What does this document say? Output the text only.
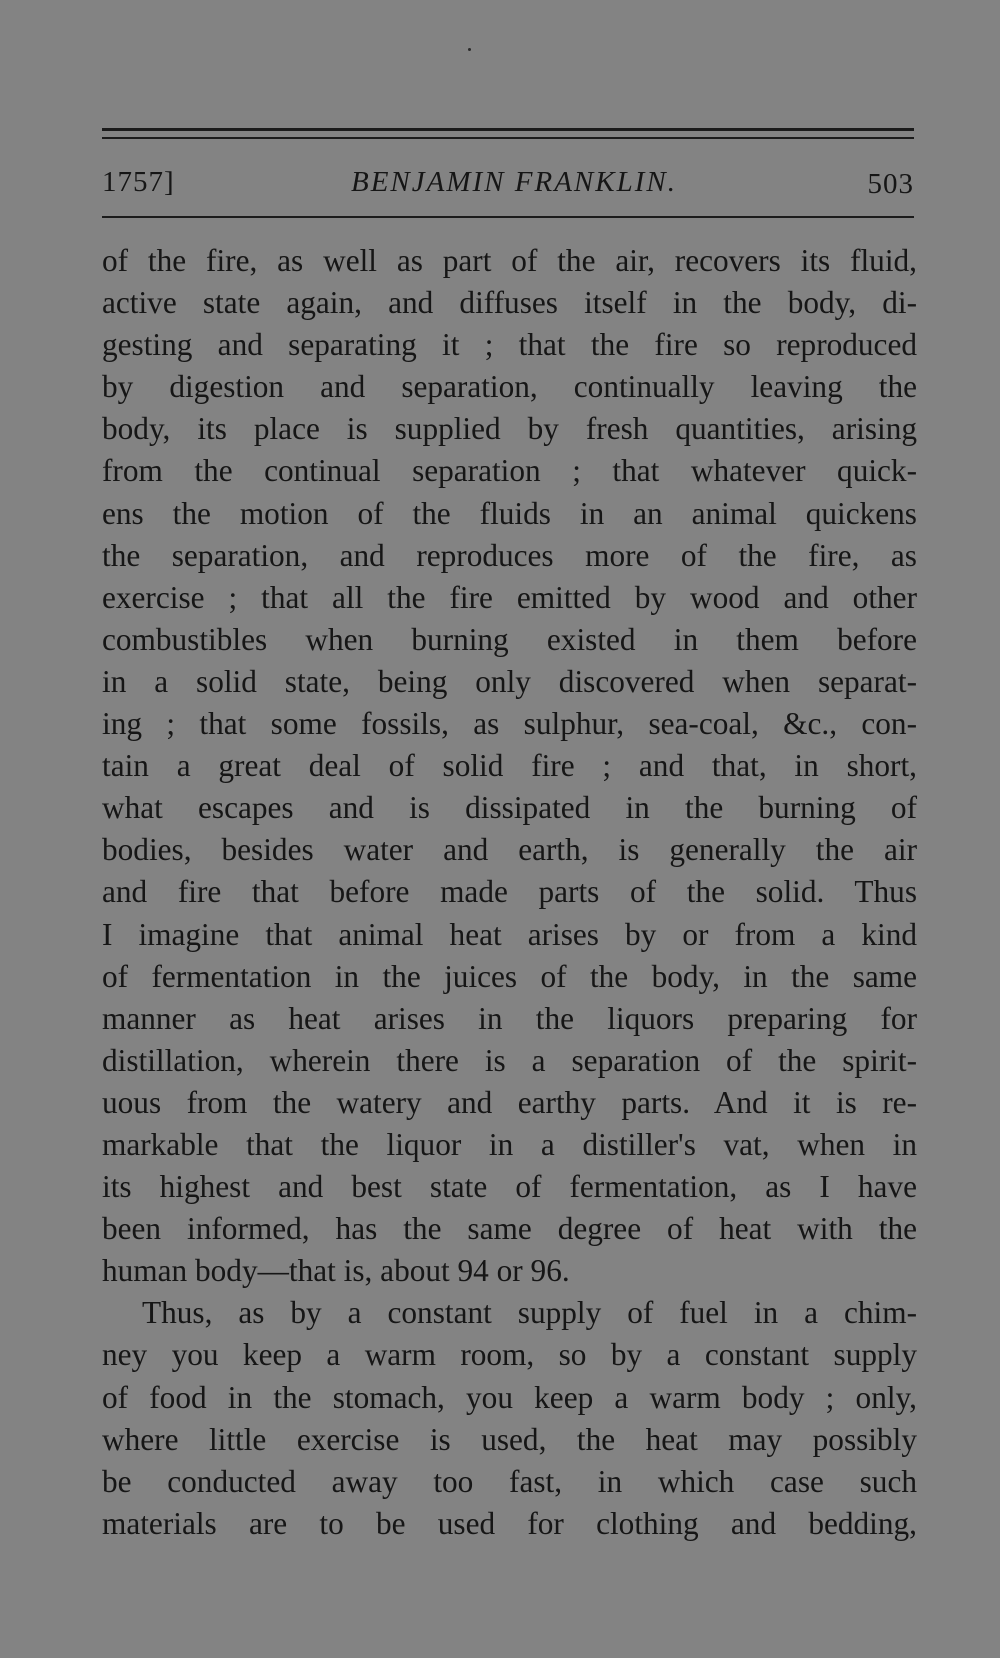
1757]	BENJAMIN FRANKLIN.	503
of the fire, as well as part of the air, recovers its fluid,
active state again, and diffuses itself in the body, di-
gesting and separating it ; that the fire so reproduced
by digestion and separation, continually leaving the
body, its place is supplied by fresh quantities, arising
from the continual separation ; that whatever quick-
ens the motion of the fluids in an animal quickens
the separation, and reproduces more of the fire, as
exercise ; that all the fire emitted by wood and other
combustibles when burning existed in them before
in a solid state, being only discovered when separat-
ing ; that some fossils, as sulphur, sea-coal, &c., con-
tain a great deal of solid fire ; and that, in short,
what escapes and is dissipated in the burning of
bodies, besides water and earth, is generally the air
and fire that before made parts of the solid. Thus
I imagine that animal heat arises by or from a kind
of fermentation in the juices of the body, in the same
manner as heat arises in the liquors preparing for
distillation, wherein there is a separation of the spirit-
uous from the watery and earthy parts. And it is re-
markable that the liquor in a distiller's vat, when in
its highest and best state of fermentation, as I have
been informed, has the same degree of heat with the
human body—that is, about 94 or 96.
Thus, as by a constant supply of fuel in a chim-
ney you keep a warm room, so by a constant supply
of food in the stomach, you keep a warm body ; only,
where little exercise is used, the heat may possibly
be conducted away too fast, in which case such
materials are to be used for clothing and bedding,
